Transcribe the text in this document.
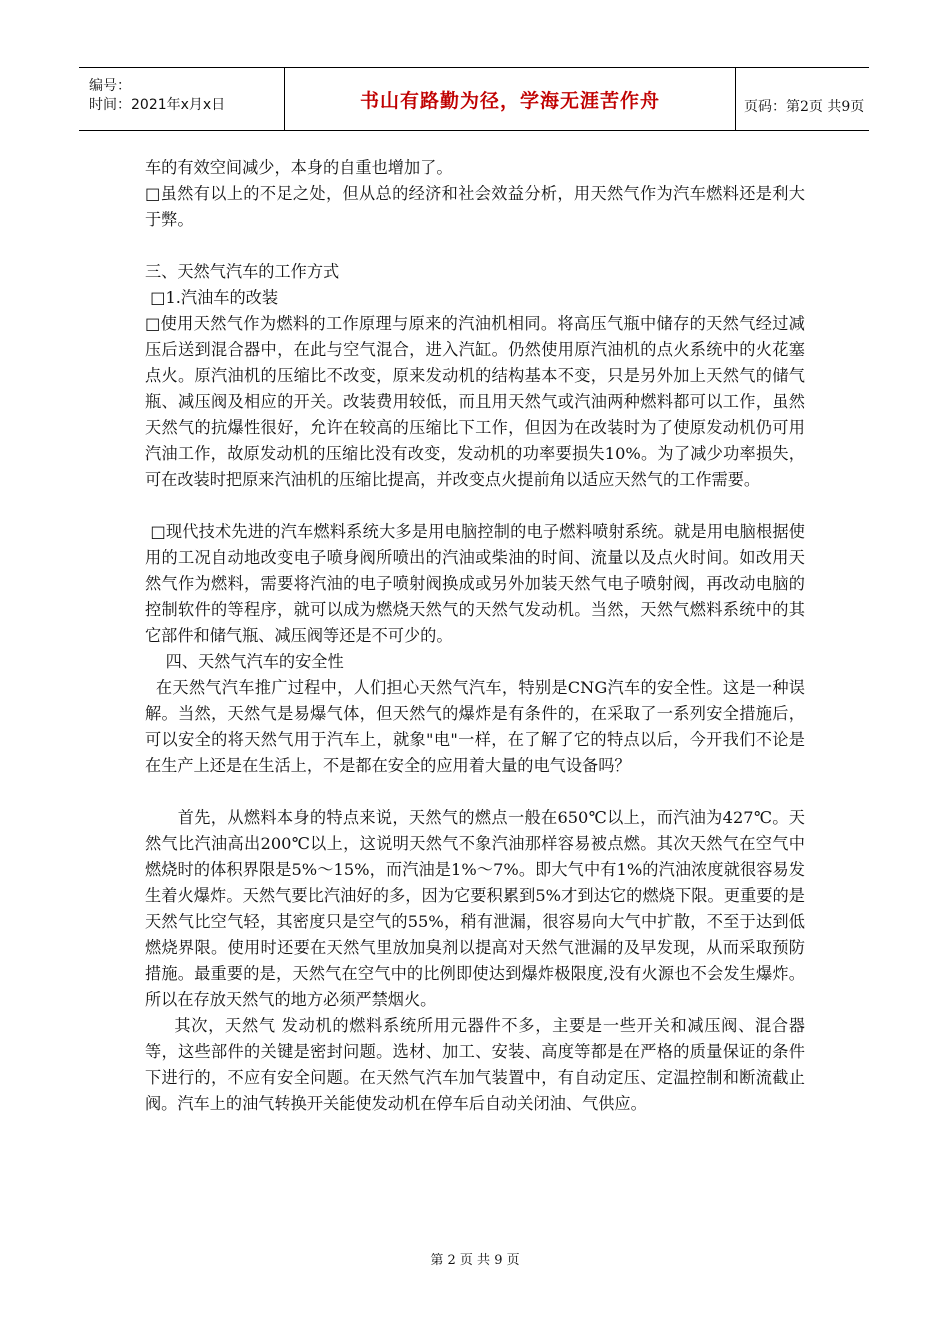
编号：
时间：2021年x月x日	书山有路勤为径，学海无涯苦作舟	页码：第2页 共9页

车的有效空间减少，本身的自重也增加了。

□虽然有以上的不足之处，但从总的经济和社会效益分析，用天然气作为汽车燃料还是利大于弊。

三、天然气汽车的工作方式

□1.汽油车的改装

□使用天然气作为燃料的工作原理与原来的汽油机相同。将高压气瓶中储存的天然气经过减压后送到混合器中，在此与空气混合，进入汽缸。仍然使用原汽油机的点火系统中的火花塞点火。原汽油机的压缩比不改变，原来发动机的结构基本不变，只是另外加上天然气的储气瓶、减压阀及相应的开关。改装费用较低，而且用天然气或汽油两种燃料都可以工作，虽然天然气的抗爆性很好，允许在较高的压缩比下工作，但因为在改装时为了使原发动机仍可用汽油工作，故原发动机的压缩比没有改变，发动机的功率要损失10%。为了减少功率损失，可在改装时把原来汽油机的压缩比提高，并改变点火提前角以适应天然气的工作需要。

□现代技术先进的汽车燃料系统大多是用电脑控制的电子燃料喷射系统。就是用电脑根据使用的工况自动地改变电子喷身阀所喷出的汽油或柴油的时间、流量以及点火时间。如改用天然气作为燃料，需要将汽油的电子喷射阀换成或另外加装天然气电子喷射阀，再改动电脑的控制软件的等程序，就可以成为燃烧天然气的天然气发动机。当然，天然气燃料系统中的其它部件和储气瓶、减压阀等还是不可少的。

四、天然气汽车的安全性

在天然气汽车推广过程中，人们担心天然气汽车，特别是CNG汽车的安全性。这是一种误解。当然，天然气是易爆气体，但天然气的爆炸是有条件的，在采取了一系列安全措施后，可以安全的将天然气用于汽车上，就象"电"一样，在了解了它的特点以后，今开我们不论是在生产上还是在生活上，不是都在安全的应用着大量的电气设备吗？

首先，从燃料本身的特点来说，天然气的燃点一般在650℃以上，而汽油为427℃。天 然气比汽油高出200℃以上，这说明天然气不象汽油那样容易被点燃。其次天然气在空气中燃烧时的体积界限是5%～15%，而汽油是1%～7%。即大气中有1%的汽油浓度就很容易发生着火爆炸。天然气要比汽油好的多，因为它要积累到5%才到达它的燃烧下限。更重要的是天然气比空气轻，其密度只是空气的55%，稍有泄漏，很容易向大气中扩散，不至于达到低燃烧界限。使用时还要在天然气里放加臭剂以提高对天然气泄漏的及早发现，从而采取预防措施。最重要的是，天然气在空气中的比例即使达到爆炸极限度,没有火源也不会发生爆炸。 所以在存放天然气的地方必须严禁烟火。

其次，天然气 发动机的燃料系统所用元器件不多，主要是一些开关和减压阀、混合器等，这些部件的关键是密封问题。选材、加工、安装、高度等都是在严格的质量保证的条件下进行的，不应有安全问题。在天然气汽车加气装置中，有自动定压、定温控制和断流截止阀。汽车上的油气转换开关能使发动机在停车后自动关闭油、气供应。

第 2 页 共 9 页
